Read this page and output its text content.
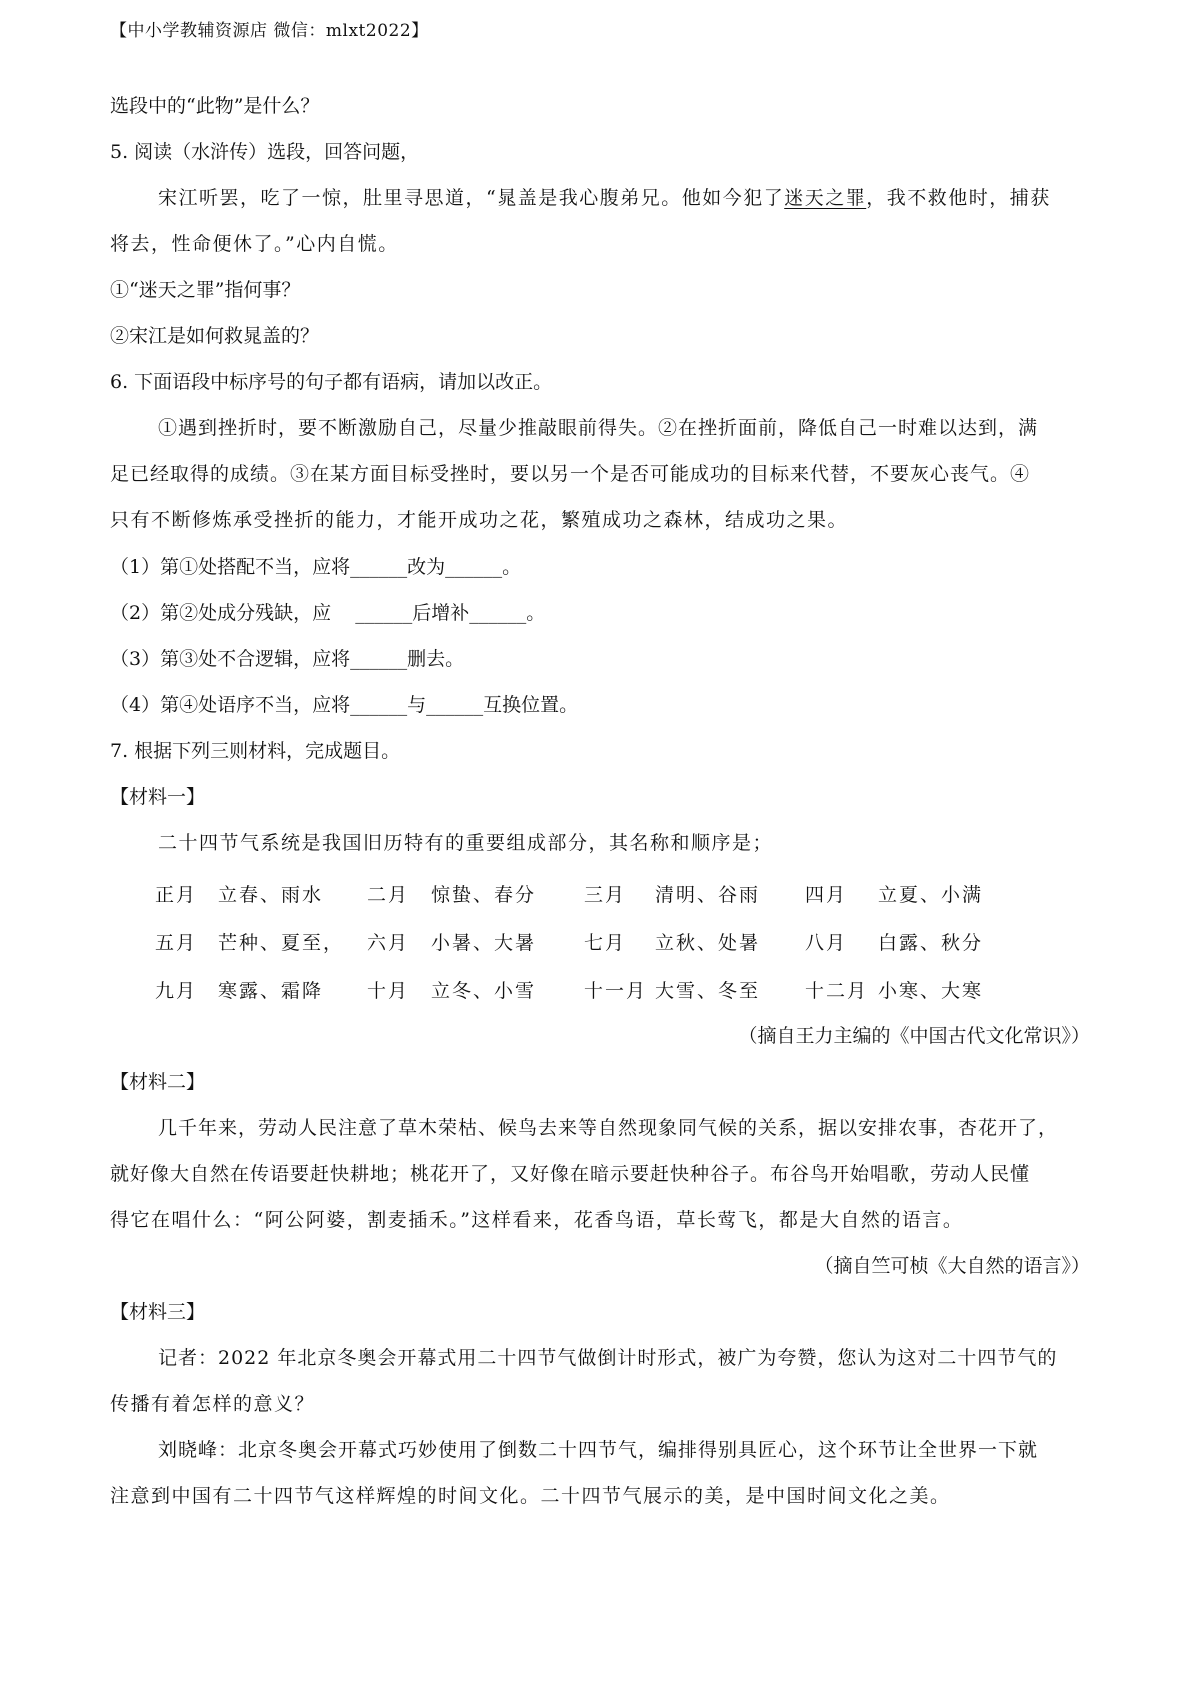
【中小学教辅资源店 微信：mlxt2022】
选段中的“此物”是什么？
5. 阅读（水浒传）选段，回答问题，
宋江听罢，吃了一惊，肚里寻思道，“晁盖是我心腹弟兄。他如今犯了迷天之罪，我不救他时，捕获
将去，性命便休了。”心内自慌。
①“迷天之罪”指何事？
②宋江是如何救晁盖的？
6. 下面语段中标序号的句子都有语病，请加以改正。
①遇到挫折时，要不断激励自己，尽量少推敲眼前得失。②在挫折面前，降低自己一时难以达到，满
足已经取得的成绩。③在某方面目标受挫时，要以另一个是否可能成功的目标来代替，不要灰心丧气。④
只有不断修炼承受挫折的能力，才能开成功之花，繁殖成功之森林，结成功之果。
（1）第①处搭配不当，应将______改为______。
（2）第②处成分残缺，应    ______后增补______。
（3）第③处不合逻辑，应将______删去。
（4）第④处语序不当，应将______与______互换位置。
7. 根据下列三则材料，完成题目。
【材料一】
二十四节气系统是我国旧历特有的重要组成部分，其名称和顺序是；
正月 立春、雨水 二月 惊蛰、春分	三月 清明、谷雨 四月 立夏、小满
五月 芒种、夏至， 六月 小暑、大暑	七月 立秋、处暑 八月 白露、秋分
九月 寒露、霜降 十月 立冬、小雪	十一月 大雪、冬至 十二月 小寒、大寒
（摘自王力主编的《中国古代文化常识》）
【材料二】
几千年来，劳动人民注意了草木荣枯、候鸟去来等自然现象同气候的关系，据以安排农事，杏花开了，
就好像大自然在传语要赶快耕地；桃花开了，又好像在暗示要赶快种谷子。布谷鸟开始唱歌，劳动人民懂
得它在唱什么：“阿公阿婆，割麦插禾。”这样看来，花香鸟语，草长莺飞，都是大自然的语言。
（摘自竺可桢《大自然的语言》）
【材料三】
记者：2022 年北京冬奥会开幕式用二十四节气做倒计时形式，被广为夸赞，您认为这对二十四节气的
传播有着怎样的意义？
刘晓峰：北京冬奥会开幕式巧妙使用了倒数二十四节气，编排得别具匠心，这个环节让全世界一下就
注意到中国有二十四节气这样辉煌的时间文化。二十四节气展示的美，是中国时间文化之美。
